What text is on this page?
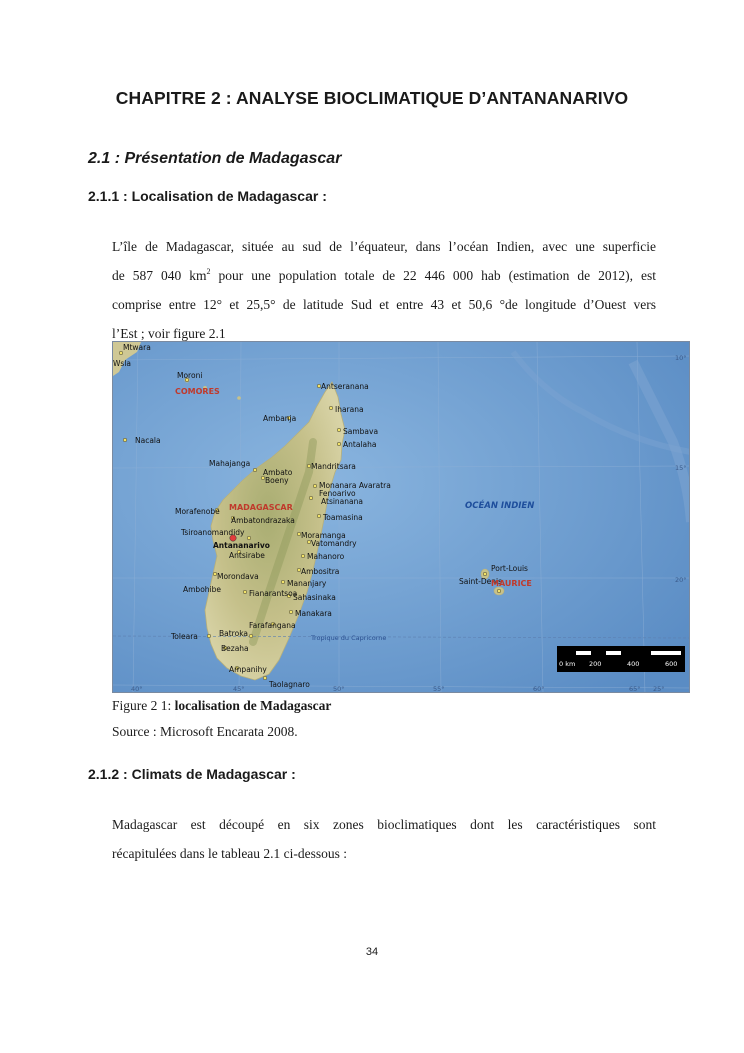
CHAPITRE 2 : ANALYSE BIOCLIMATIQUE D’ANTANANARIVO
2.1 : Présentation de Madagascar
2.1.1 : Localisation de Madagascar :
L’île de Madagascar, située au sud de l’équateur, dans l’océan Indien, avec une superficie
de 587 040 $km^2$ pour une population totale de 22 446 000 hab (estimation de 2012), est
comprise entre 12° et 25,5° de latitude Sud et entre 43 et 50,6 °de longitude d’Ouest vers
l’Est ; voir figure 2.1
Mtwara
Wsla
Moroni
COMORES
Nacala
Antseranana
Iharana
Ambanja
Sambava
Antalaha
Mahajanga
Ambato
Boeny
Mandritsara
Monanara Avaratra
Fenoarivo
Atsinanana
MADAGASCAR
Morafenobe
Ambatondrazaka	Toamasina
Tsiroanomandidy	Moramanga
Vatomandry
Antananarivo
Antsirabe	Mahanoro
Ambositra
Morondava
Mananjary
Ambohibe	Fianarantsoa
Sahasinaka
Manakara
Farafangana
Toleara	Batroka
Bezaha
Ampanihy
Taolagnaro
Tropique du Capricorne
OCÉAN INDIEN
Saint-Denis
Port-Louis
MAURICE
10°
15°
20°
25°
40°	45°	50°	55°	60°	65°
0 km 200	400	600
Figure 2 1: localisation de Madagascar
Source : Microsoft Encarata 2008.
2.1.2 : Climats de Madagascar :
Madagascar est découpé en six zones bioclimatiques dont les caractéristiques sont
récapitulées dans le tableau 2.1 ci-dessous :
34
